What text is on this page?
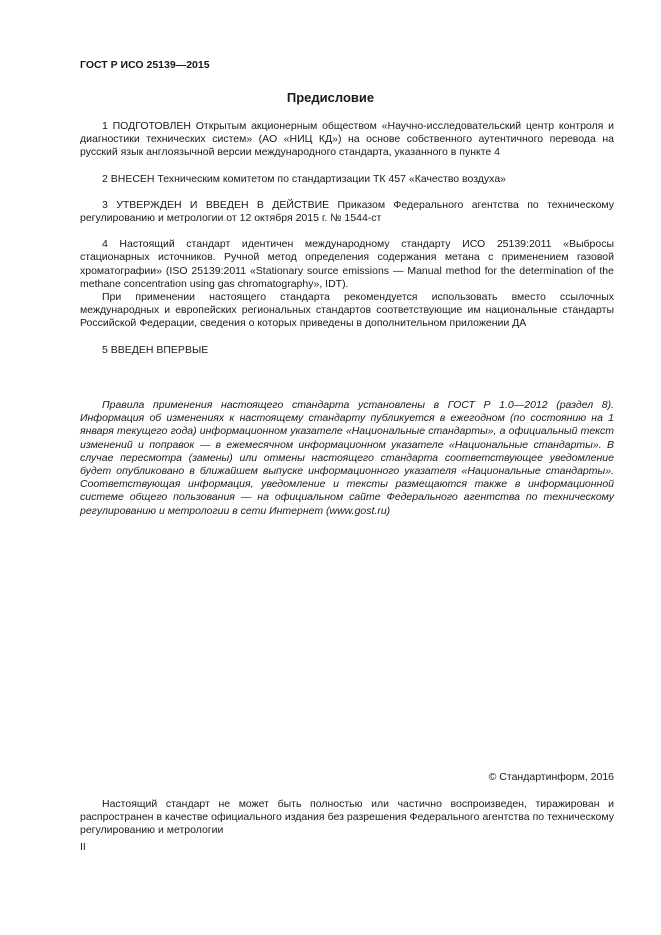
ГОСТ Р ИСО 25139—2015
Предисловие

1 ПОДГОТОВЛЕН Открытым акционерным обществом «Научно-исследовательский центр контроля и диагностики технических систем» (АО «НИЦ КД») на основе собственного аутентичного перевода на русский язык англоязычной версии международного стандарта, указанного в пункте 4

2 ВНЕСЕН Техническим комитетом по стандартизации ТК 457 «Качество воздуха»

3 УТВЕРЖДЕН И ВВЕДЕН В ДЕЙСТВИЕ Приказом Федерального агентства по техническому регулированию и метрологии от 12 октября 2015 г. № 1544-ст

4 Настоящий стандарт идентичен международному стандарту ИСО 25139:2011 «Выбросы стационарных источников. Ручной метод определения содержания метана с применением газовой хроматографии» (ISO 25139:2011 «Stationary source emissions — Manual method for the determination of the methane concentration using gas chromatography», IDT).

При применении настоящего стандарта рекомендуется использовать вместо ссылочных международных и европейских региональных стандартов соответствующие им национальные стандарты Российской Федерации, сведения о которых приведены в дополнительном приложении ДА

5 ВВЕДЕН ВПЕРВЫЕ

Правила применения настоящего стандарта установлены в ГОСТ Р 1.0—2012 (раздел 8). Информация об изменениях к настоящему стандарту публикуется в ежегодном (по состоянию на 1 января текущего года) информационном указателе «Национальные стандарты», а официальный текст изменений и поправок — в ежемесячном информационном указателе «Национальные стандарты». В случае пересмотра (замены) или отмены настоящего стандарта соответствующее уведомление будет опубликовано в ближайшем выпуске информационного указателя «Национальные стандарты». Соответствующая информация, уведомление и тексты размещаются также в информационной системе общего пользования — на официальном сайте Федерального агентства по техническому регулированию и метрологии в сети Интернет (www.gost.ru)

© Стандартинформ, 2016

Настоящий стандарт не может быть полностью или частично воспроизведен, тиражирован и распространен в качестве официального издания без разрешения Федерального агентства по техническому регулированию и метрологии

II
